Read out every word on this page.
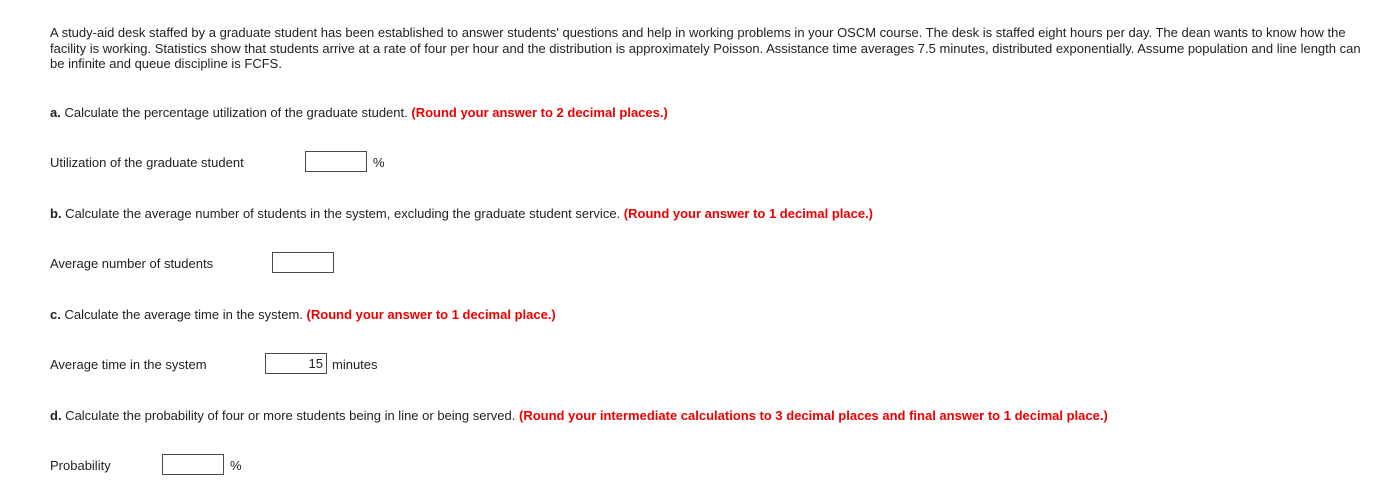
A study-aid desk staffed by a graduate student has been established to answer students' questions and help in working problems in your OSCM course. The desk is staffed eight hours per day. The dean wants to know how the facility is working. Statistics show that students arrive at a rate of four per hour and the distribution is approximately Poisson. Assistance time averages 7.5 minutes, distributed exponentially. Assume population and line length can be infinite and queue discipline is FCFS.
a. Calculate the percentage utilization of the graduate student. (Round your answer to 2 decimal places.)
Utilization of the graduate student	%
b. Calculate the average number of students in the system, excluding the graduate student service. (Round your answer to 1 decimal place.)
Average number of students
c. Calculate the average time in the system. (Round your answer to 1 decimal place.)
Average time in the system	15 minutes
d. Calculate the probability of four or more students being in line or being served. (Round your intermediate calculations to 3 decimal places and final answer to 1 decimal place.)
Probability	%
